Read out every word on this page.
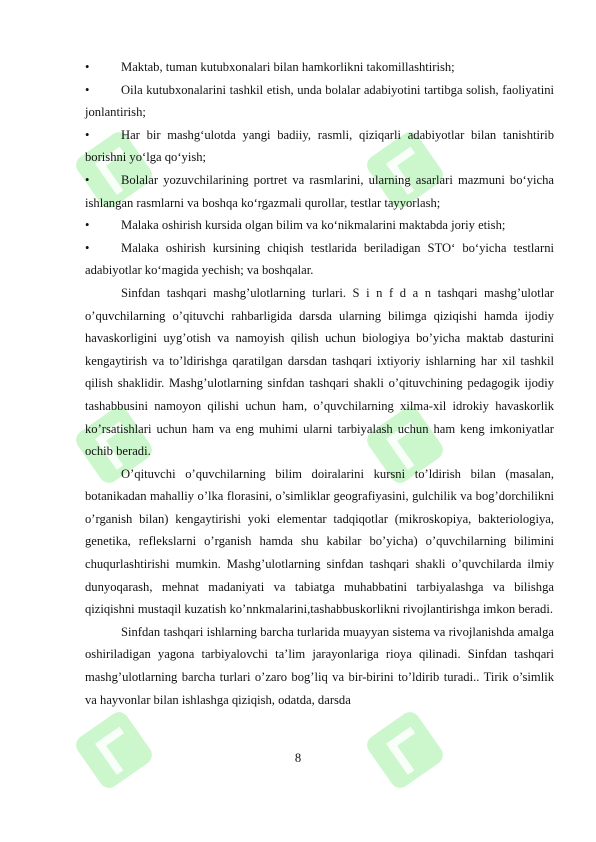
•	Maktab, tuman kutubxonalari bilan hamkorlikni takomillashtirish;
•	Oila kutubxonalarini tashkil etish, unda bolalar adabiyotini tartibga solish, faoliyatini jonlantirish;
•	Har bir mashg‘ulotda yangi badiiy, rasmli, qiziqarli adabiyotlar bilan tanishtirib borishni yo‘lga qo‘yish;
•	Bolalar yozuvchilarining portret va rasmlarini, ularning asarlari mazmuni bo‘yicha ishlangan rasmlarni va boshqa ko‘rgazmali qurollar, testlar tayyorlash;
•	Malaka oshirish kursida olgan bilim va ko‘nikmalarini maktabda joriy etish;
•	Malaka oshirish kursining chiqish testlarida beriladigan STO‘ bo‘yicha testlarni adabiyotlar ko‘magida yechish; va boshqalar.

Sinfdan tashqari mashg’ulotlarning turlari. S i n f d a n tashqari mashg’ulotlar o’quvchilarning o’qituvchi rahbarligida darsda ularning bilimga qiziqishi hamda ijodiy havaskorligini uyg’otish va namoyish qilish uchun biologiya bo’yicha maktab dasturini kengaytirish va to’ldirishga qaratilgan darsdan tashqari ixtiyoriy ishlarning har xil tashkil qilish shaklidir. Mashg’ulotlarning sinfdan tashqari shakli o’qituvchining pedagogik ijodiy tashabbusini namoyon qilishi uchun ham, o’quvchilarning xilma-xil idrokiy havaskorlik ko’rsatishlari uchun ham va eng muhimi ularni tarbiyalash uchun ham keng imkoniyatlar ochib beradi.

O’qituvchi o’quvchilarning bilim doiralarini kursni to’ldirish bilan (masalan, botanikadan mahalliy o’lka florasini, o’simliklar geografiyasini, gulchilik va bog’dorchilikni o’rganish bilan) kengaytirishi yoki elementar tadqiqotlar (mikroskopiya, bakteriologiya, genetika, reflekslarni o’rganish hamda shu kabilar bo’yicha) o’quvchilarning bilimini chuqurlashtirishi mumkin. Mashg’ulotlarning sinfdan tashqari shakli o’quvchilarda ilmiy dunyoqarash, mehnat madaniyati va tabiatga muhabbatini tarbiyalashga va bilishga qiziqishni mustaqil kuzatish ko’nnkmalarini,tashabbuskorlikni rivojlantirishga imkon beradi.

Sinfdan tashqari ishlarning barcha turlarida muayyan sistema va rivojlanishda amalga oshiriladigan yagona tarbiyalovchi ta’lim jarayonlariga rioya qilinadi. Sinfdan tashqari mashg’ulotlarning barcha turlari o’zaro bog’liq va bir-birini to’ldirib turadi.. Tirik o’simlik va hayvonlar bilan ishlashga qiziqish, odatda, darsda

8
